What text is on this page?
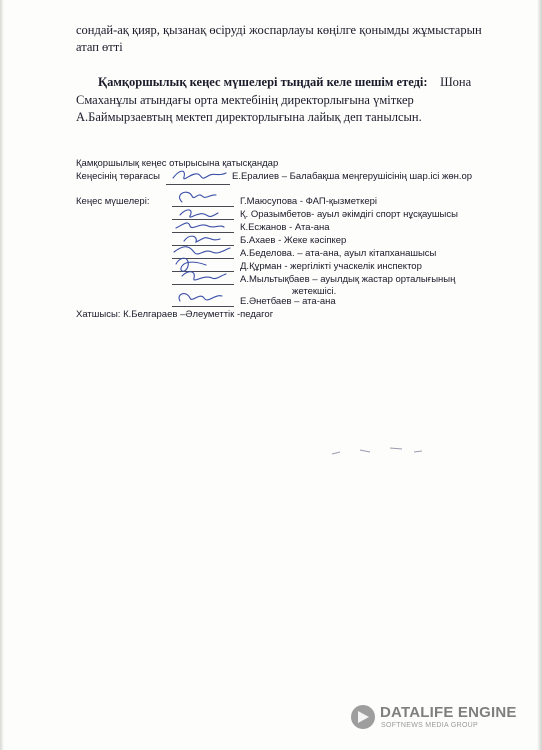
сондай-ақ қияр, қызанақ өсіруді жоспарлауы көңілге қонымды жұмыстарын атап өтті
Қамқоршылық кеңес мүшелері тыңдай келе шешім етеді: Шона Смаханұлы атындағы орта мектебінің директорлығына үміткер
А.Баймырзаевтың мектеп директорлығына лайық деп танылсын.
Қамқоршылық кеңес отырысына қатысқандар
Кеңесінің төрағасы	Е.Ералиев – Балабақша меңгерушісінің шар.ісі жөн.ор
Кеңес мүшелері:	Г.Маюсупова - ФАП-қызметкері
Қ. Оразымбетов- ауыл әкімдігі спорт нұсқаушысы
К.Есжанов - Ата-ана
Б.Ахаев - Жеке кәсіпкер
А.Беделова. – ата-ана, ауыл кітапханашысы
Д.Құрман - жергілікті учаскелік инспектор
А.Мыльтықбаев – ауылдық жастар орталығының
жетекшісі.
Е.Әнетбаев – ата-ана
Хатшысы: К.Белгараев –Әлеуметтік -педагог
DATALIFE ENGINE
SOFTNEWS MEDIA GROUP
